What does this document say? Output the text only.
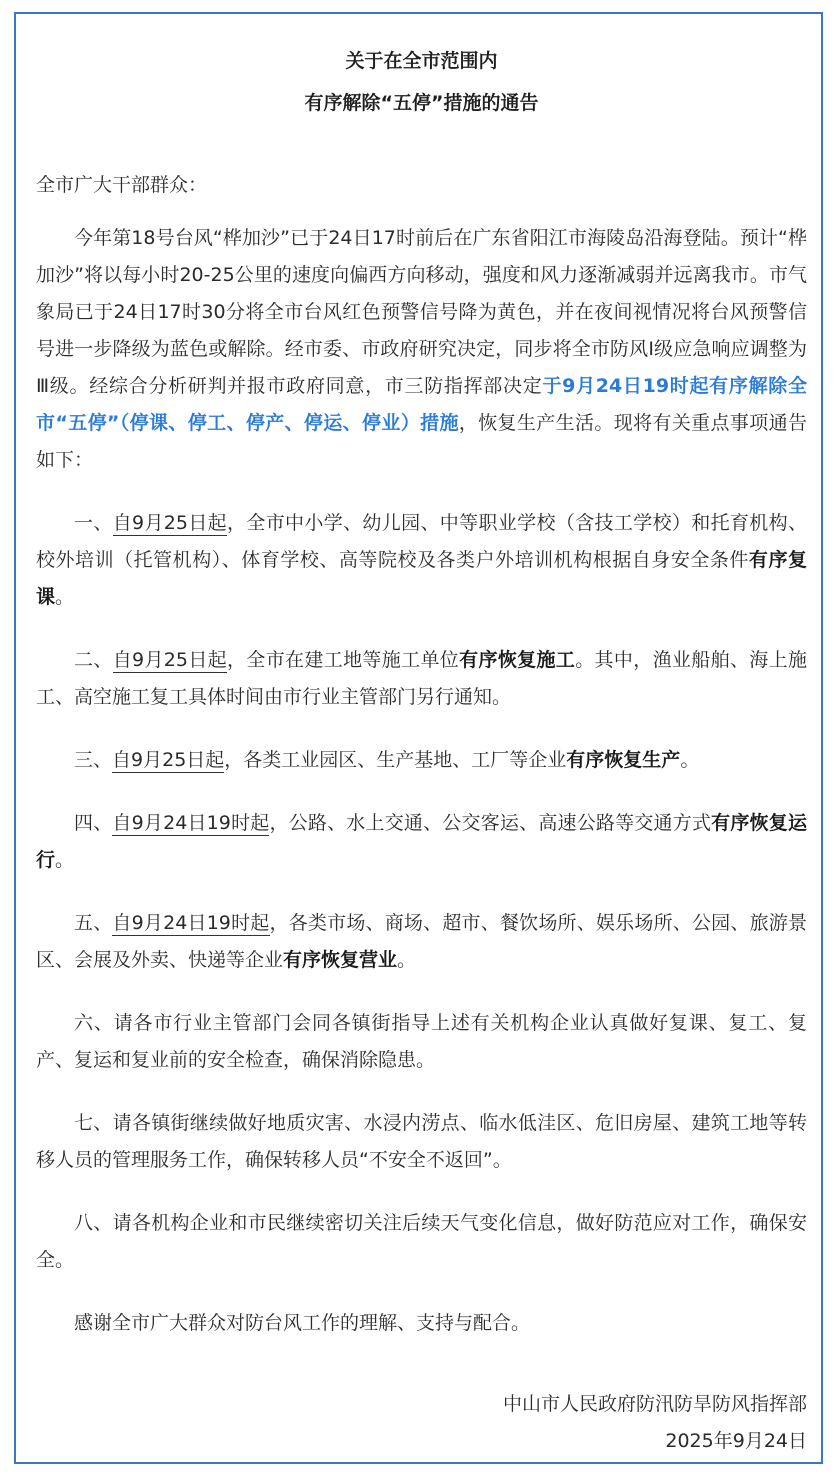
关于在全市范围内
有序解除“五停”措施的通告
全市广大干部群众：

今年第18号台风“桦加沙”已于24日17时前后在广东省阳江市海陵岛沿海登陆。预计“桦加沙”将以每小时20-25公里的速度向偏西方向移动，强度和风力逐渐减弱并远离我市。市气象局已于24日17时30分将全市台风红色预警信号降为黄色，并在夜间视情况将台风预警信号进一步降级为蓝色或解除。经市委、市政府研究决定，同步将全市防风Ⅰ级应急响应调整为Ⅲ级。经综合分析研判并报市政府同意，市三防指挥部决定于9月24日19时起有序解除全市“五停”（停课、停工、停产、停运、停业）措施，恢复生产生活。现将有关重点事项通告如下：

一、自9月25日起，全市中小学、幼儿园、中等职业学校（含技工学校）和托育机构、校外培训（托管机构）、体育学校、高等院校及各类户外培训机构根据自身安全条件有序复课。

二、自9月25日起，全市在建工地等施工单位有序恢复施工。其中，渔业船舶、海上施工、高空施工复工具体时间由市行业主管部门另行通知。

三、自9月25日起，各类工业园区、生产基地、工厂等企业有序恢复生产。

四、自9月24日19时起，公路、水上交通、公交客运、高速公路等交通方式有序恢复运行。

五、自9月24日19时起，各类市场、商场、超市、餐饮场所、娱乐场所、公园、旅游景区、会展及外卖、快递等企业有序恢复营业。

六、请各市行业主管部门会同各镇街指导上述有关机构企业认真做好复课、复工、复产、复运和复业前的安全检查，确保消除隐患。

七、请各镇街继续做好地质灾害、水浸内涝点、临水低洼区、危旧房屋、建筑工地等转移人员的管理服务工作，确保转移人员“不安全不返回”。

八、请各机构企业和市民继续密切关注后续天气变化信息，做好防范应对工作，确保安全。

感谢全市广大群众对防台风工作的理解、支持与配合。

中山市人民政府防汛防旱防风指挥部
2025年9月24日
